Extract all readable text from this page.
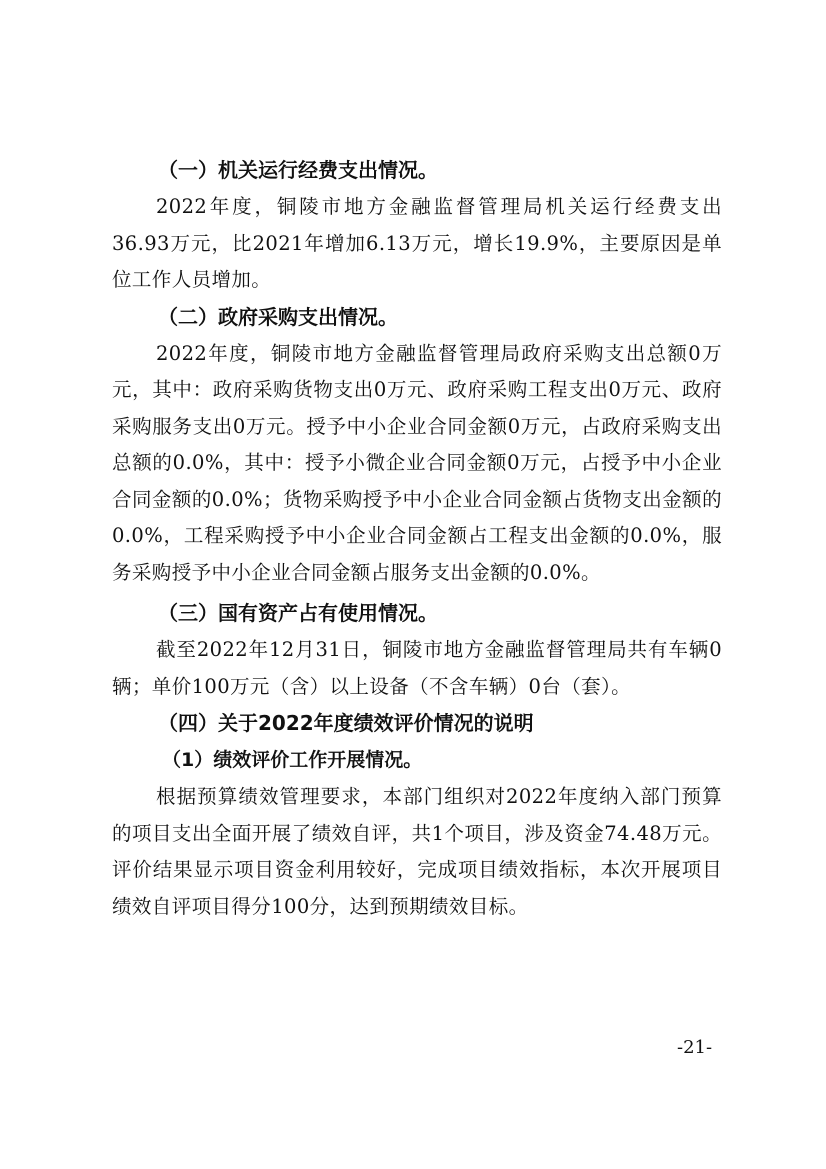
（一）机关运行经费支出情况。

2022年度，铜陵市地方金融监督管理局机关运行经费支出36.93万元，比2021年增加6.13万元，增长19.9%，主要原因是单位工作人员增加。

（二）政府采购支出情况。

2022年度，铜陵市地方金融监督管理局政府采购支出总额0万元，其中：政府采购货物支出0万元、政府采购工程支出0万元、政府采购服务支出0万元。授予中小企业合同金额0万元，占政府采购支出总额的0.0%，其中：授予小微企业合同金额0万元，占授予中小企业合同金额的0.0%；货物采购授予中小企业合同金额占货物支出金额的0.0%，工程采购授予中小企业合同金额占工程支出金额的0.0%，服务采购授予中小企业合同金额占服务支出金额的0.0%。

（三）国有资产占有使用情况。

截至2022年12月31日，铜陵市地方金融监督管理局共有车辆0辆；单价100万元（含）以上设备（不含车辆）0台（套）。

（四）关于2022年度绩效评价情况的说明
（1）绩效评价工作开展情况。

根据预算绩效管理要求，本部门组织对2022年度纳入部门预算的项目支出全面开展了绩效自评，共1个项目，涉及资金74.48万元。评价结果显示项目资金利用较好，完成项目绩效指标，本次开展项目绩效自评项目得分100分，达到预期绩效目标。

-21-
